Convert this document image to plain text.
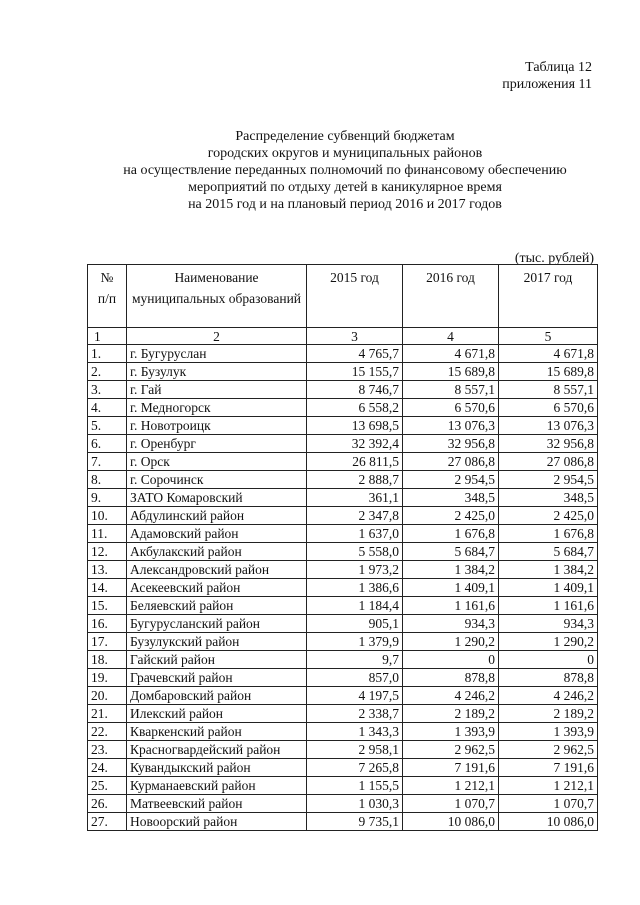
Таблица 12
приложения 11
Распределение субвенций бюджетам
городских округов и муниципальных районов
на осуществление переданных полномочий по финансовому обеспечению
мероприятий по отдыху детей в каникулярное время
на 2015 год и на плановый период 2016 и 2017 годов
(тыс. рублей)
№
п/п	Наименование муниципальных образований	2015 год	2016 год	2017 год
1	2	3	4	5
1.	г. Бугуруслан	4 765,7	4 671,8	4 671,8
2.	г. Бузулук	15 155,7	15 689,8	15 689,8
3.	г. Гай	8 746,7	8 557,1	8 557,1
4.	г. Медногорск	6 558,2	6 570,6	6 570,6
5.	г. Новотроицк	13 698,5	13 076,3	13 076,3
6.	г. Оренбург	32 392,4	32 956,8	32 956,8
7.	г. Орск	26 811,5	27 086,8	27 086,8
8.	г. Сорочинск	2 888,7	2 954,5	2 954,5
9.	ЗАТО Комаровский	361,1	348,5	348,5
10.	Абдулинский район	2 347,8	2 425,0	2 425,0
11.	Адамовский район	1 637,0	1 676,8	1 676,8
12.	Акбулакский район	5 558,0	5 684,7	5 684,7
13.	Александровский район	1 973,2	1 384,2	1 384,2
14.	Асекеевский район	1 386,6	1 409,1	1 409,1
15.	Беляевский район	1 184,4	1 161,6	1 161,6
16.	Бугурусланский район	905,1	934,3	934,3
17.	Бузулукский район	1 379,9	1 290,2	1 290,2
18.	Гайский район	9,7	0	0
19.	Грачевский район	857,0	878,8	878,8
20.	Домбаровский район	4 197,5	4 246,2	4 246,2
21.	Илекский район	2 338,7	2 189,2	2 189,2
22.	Кваркенский район	1 343,3	1 393,9	1 393,9
23.	Красногвардейский район	2 958,1	2 962,5	2 962,5
24.	Кувандыкский район	7 265,8	7 191,6	7 191,6
25.	Курманаевский район	1 155,5	1 212,1	1 212,1
26.	Матвеевский район	1 030,3	1 070,7	1 070,7
27.	Новоорский район	9 735,1	10 086,0	10 086,0
